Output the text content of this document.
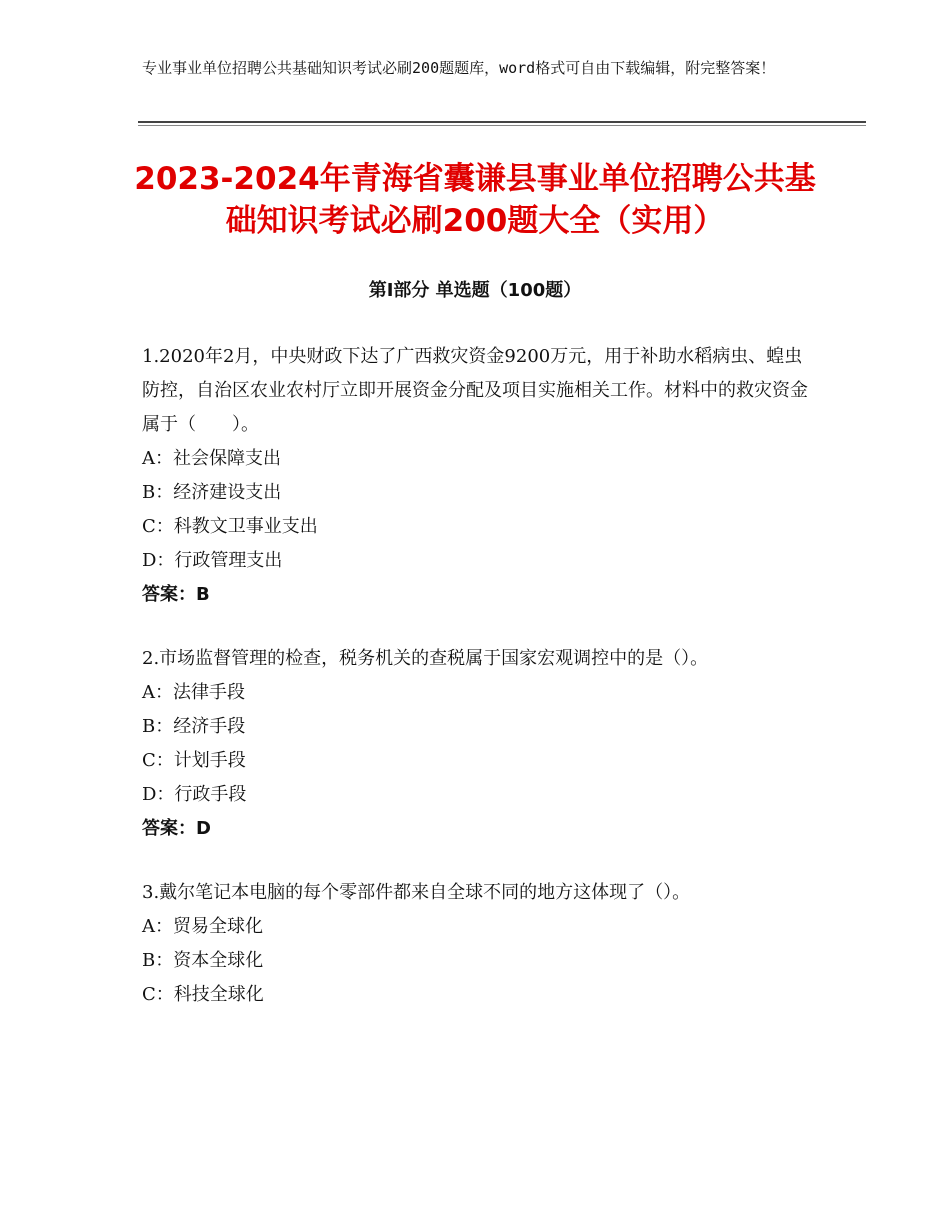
专业事业单位招聘公共基础知识考试必刷200题题库，word格式可自由下载编辑，附完整答案！
2023-2024年青海省囊谦县事业单位招聘公共基础知识考试必刷200题大全（实用）
第Ⅰ部分 单选题（100题）
1.2020年2月，中央财政下达了广西救灾资金9200万元，用于补助水稻病虫、蝗虫防控，自治区农业农村厅立即开展资金分配及项目实施相关工作。材料中的救灾资金属于（　　）。
A：社会保障支出
B：经济建设支出
C：科教文卫事业支出
D：行政管理支出
答案：B
2.市场监督管理的检查，税务机关的查税属于国家宏观调控中的是（）。
A：法律手段
B：经济手段
C：计划手段
D：行政手段
答案：D
3.戴尔笔记本电脑的每个零部件都来自全球不同的地方这体现了（）。
A：贸易全球化
B：资本全球化
C：科技全球化
